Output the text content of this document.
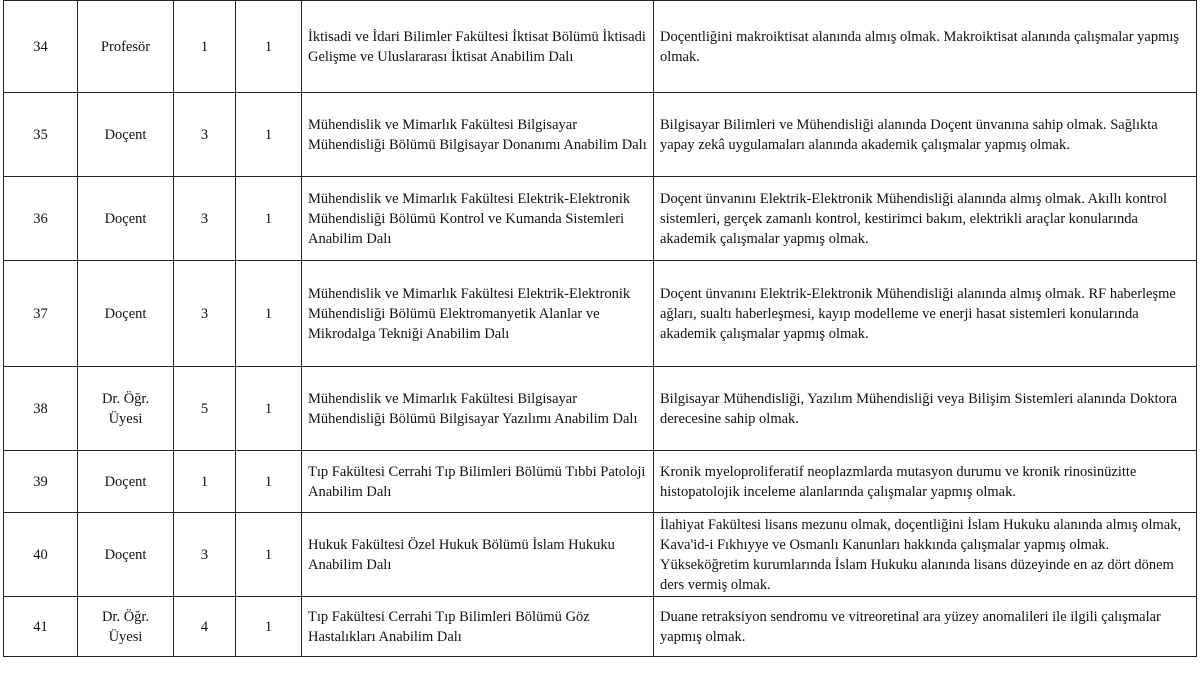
34	Profesör	1	1	İktisadi ve İdari Bilimler Fakültesi İktisat Bölümü İktisadi Gelişme ve Uluslararası İktisat Anabilim Dalı	Doçentliğini makroiktisat alanında almış olmak. Makroiktisat alanında çalışmalar yapmış olmak.
35	Doçent	3	1	Mühendislik ve Mimarlık Fakültesi Bilgisayar Mühendisliği Bölümü Bilgisayar Donanımı Anabilim Dalı	Bilgisayar Bilimleri ve Mühendisliği alanında Doçent ünvanına sahip olmak. Sağlıkta yapay zekâ uygulamaları alanında akademik çalışmalar yapmış olmak.
36	Doçent	3	1	Mühendislik ve Mimarlık Fakültesi Elektrik-Elektronik Mühendisliği Bölümü Kontrol ve Kumanda Sistemleri Anabilim Dalı	Doçent ünvanını Elektrik-Elektronik Mühendisliği alanında almış olmak. Akıllı kontrol sistemleri, gerçek zamanlı kontrol, kestirimci bakım, elektrikli araçlar konularında akademik çalışmalar yapmış olmak.
37	Doçent	3	1	Mühendislik ve Mimarlık Fakültesi Elektrik-Elektronik Mühendisliği Bölümü Elektromanyetik Alanlar ve Mikrodalga Tekniği Anabilim Dalı	Doçent ünvanını Elektrik-Elektronik Mühendisliği alanında almış olmak. RF haberleşme ağları, sualtı haberleşmesi, kayıp modelleme ve enerji hasat sistemleri konularında akademik çalışmalar yapmış olmak.
38	Dr. Öğr. Üyesi	5	1	Mühendislik ve Mimarlık Fakültesi Bilgisayar Mühendisliği Bölümü Bilgisayar Yazılımı Anabilim Dalı	Bilgisayar Mühendisliği, Yazılım Mühendisliği veya Bilişim Sistemleri alanında Doktora derecesine sahip olmak.
39	Doçent	1	1	Tıp Fakültesi Cerrahi Tıp Bilimleri Bölümü Tıbbi Patoloji Anabilim Dalı	Kronik myeloproliferatif neoplazmlarda mutasyon durumu ve kronik rinosinüzitte histopatolojik inceleme alanlarında çalışmalar yapmış olmak.
40	Doçent	3	1	Hukuk Fakültesi Özel Hukuk Bölümü İslam Hukuku Anabilim Dalı	İlahiyat Fakültesi lisans mezunu olmak, doçentliğini İslam Hukuku alanında almış olmak, Kava'id-i Fıkhıyye ve Osmanlı Kanunları hakkında çalışmalar yapmış olmak. Yükseköğretim kurumlarında İslam Hukuku alanında lisans düzeyinde en az dört dönem ders vermiş olmak.
41	Dr. Öğr. Üyesi	4	1	Tıp Fakültesi Cerrahi Tıp Bilimleri Bölümü Göz Hastalıkları Anabilim Dalı	Duane retraksiyon sendromu ve vitreoretinal ara yüzey anomalileri ile ilgili çalışmalar yapmış olmak.
